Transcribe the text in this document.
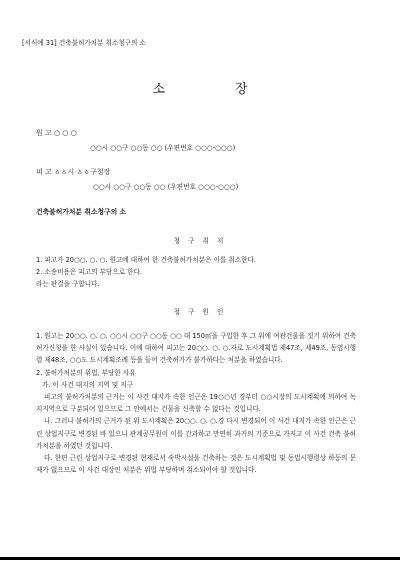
[서식예 31] 건축불허가처분 취소청구의 소
소	장
원 고 ○ ○ ○
○○시 ○○구 ○○동 ○○ (우편번호 ○○○-○○○)
피 고 ㅿㅿ시 ㅿㅿ구청장
○○시 ○○구 ○○동 ○○ (우편번호 ○○○-○○○)
건축불허가처분 취소청구의 소
청 구 취 지

1. 피고가 20○○. ○. ○. 원고에 대하여 한 건축불허가처분은 이를 취소한다.

2. 소송비용은 피고의 부담으로 한다.

라는 판결을 구합니다.

청 구 원 인

1. 원고는 20○○. ○. ○. ○○시 ○○구 ○○동 ○○ 대 150㎡을 구입한 후 그 위에 여관건물을 짓기 위하여 건축허가신청을 한 사실이 있습니다. 이에 대하여 피고는 20○○. ○. ○.자로 도시계획법 제47조, 제49조, 동법시행령 제48조, ○○도 도시계획조례 등을 들어 건축허가가 불가하다는 처분을 하였습니다.

2. 불허가처분의 위법, 부당한 사유

가. 이 사건 대지의 지역 및 지구

피고의 불허가처분의 근거는 이 사건 대지가 속한 인근은 19○○년 경부터 ○○시장의 도시계획에 의하여 녹지지역으로 구분되어 있으므로 그 안에서는 건물을 신축할 수 없다는 것입니다.

나. 그러나 불허가의 근거가 된 위 도시계획은 20○○. ○. ○.경 다시 변경되어 이 사건 대지가 속한 인근은 근린 상업지구로 변경된 바 있으니 관계공무원이 이를 간과하고 만연히 과거의 기준으로 가지고 이 사건 건축 불허가처분을 하였던 것입니다.

다. 한편 근린 상업지구로 변경된 현재로서 숙박시설을 건축하는 것은 도시계획법 및 동법시행령상 하등의 문제가 없으므로 이 사건 대상인 처분은 위법 부당하며 취소되어야 할 것입니다.
